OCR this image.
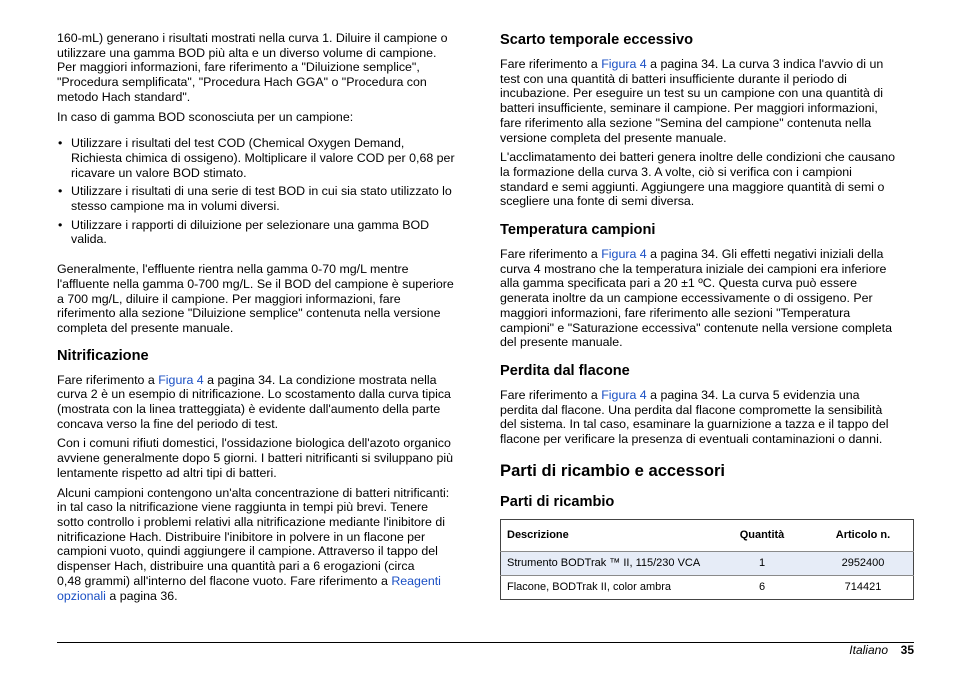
160-mL) generano i risultati mostrati nella curva 1. Diluire il campione o
utilizzare una gamma BOD più alta e un diverso volume di campione.
Per maggiori informazioni, fare riferimento a "Diluizione semplice",
"Procedura semplificata", "Procedura Hach GGA" o "Procedura con
metodo Hach standard".

In caso di gamma BOD sconosciuta per un campione:

• Utilizzare i risultati del test COD (Chemical Oxygen Demand,
Richiesta chimica di ossigeno). Moltiplicare il valore COD per 0,68 per
ricavare un valore BOD stimato.
• Utilizzare i risultati di una serie di test BOD in cui sia stato utilizzato lo
stesso campione ma in volumi diversi.
• Utilizzare i rapporti di diluizione per selezionare una gamma BOD
valida.
Generalmente, l'effluente rientra nella gamma 0-70 mg/L mentre
l'affluente nella gamma 0-700 mg/L. Se il BOD del campione è superiore
a 700 mg/L, diluire il campione. Per maggiori informazioni, fare
riferimento alla sezione "Diluizione semplice" contenuta nella versione
completa del presente manuale.
Nitrificazione
Fare riferimento a Figura 4 a pagina 34. La condizione mostrata nella
curva 2 è un esempio di nitrificazione. Lo scostamento dalla curva tipica
(mostrata con la linea tratteggiata) è evidente dall'aumento della parte
concava verso la fine del periodo di test.
Con i comuni rifiuti domestici, l'ossidazione biologica dell'azoto organico
avviene generalmente dopo 5 giorni. I batteri nitrificanti si sviluppano più
lentamente rispetto ad altri tipi di batteri.
Alcuni campioni contengono un'alta concentrazione di batteri nitrificanti:
in tal caso la nitrificazione viene raggiunta in tempi più brevi. Tenere
sotto controllo i problemi relativi alla nitrificazione mediante l'inibitore di
nitrificazione Hach. Distribuire l'inibitore in polvere in un flacone per
campioni vuoto, quindi aggiungere il campione. Attraverso il tappo del
dispenser Hach, distribuire una quantità pari a 6 erogazioni (circa
0,48 grammi) all'interno del flacone vuoto. Fare riferimento a Reagenti
opzionali a pagina 36.
Scarto temporale eccessivo
Fare riferimento a Figura 4 a pagina 34. La curva 3 indica l'avvio di un
test con una quantità di batteri insufficiente durante il periodo di
incubazione. Per eseguire un test su un campione con una quantità di
batteri insufficiente, seminare il campione. Per maggiori informazioni,
fare riferimento alla sezione "Semina del campione" contenuta nella
versione completa del presente manuale.
L'acclimatamento dei batteri genera inoltre delle condizioni che causano
la formazione della curva 3. A volte, ciò si verifica con i campioni
standard e semi aggiunti. Aggiungere una maggiore quantità di semi o
scegliere una fonte di semi diversa.
Temperatura campioni
Fare riferimento a Figura 4 a pagina 34. Gli effetti negativi iniziali della
curva 4 mostrano che la temperatura iniziale dei campioni era inferiore
alla gamma specificata pari a 20 ±1 ºC. Questa curva può essere
generata inoltre da un campione eccessivamente o di ossigeno. Per
maggiori informazioni, fare riferimento alle sezioni "Temperatura
campioni" e "Saturazione eccessiva" contenute nella versione completa
del presente manuale.
Perdita dal flacone
Fare riferimento a Figura 4 a pagina 34. La curva 5 evidenzia una
perdita dal flacone. Una perdita dal flacone compromette la sensibilità
del sistema. In tal caso, esaminare la guarnizione a tazza e il tappo del
flacone per verificare la presenza di eventuali contaminazioni o danni.
Parti di ricambio e accessori
Parti di ricambio
Descrizione	Quantità	Articolo n.
Strumento BODTrak ™ II, 115/230 VCA	1	2952400
Flacone, BODTrak II, color ambra	6	714421
Italiano 35
